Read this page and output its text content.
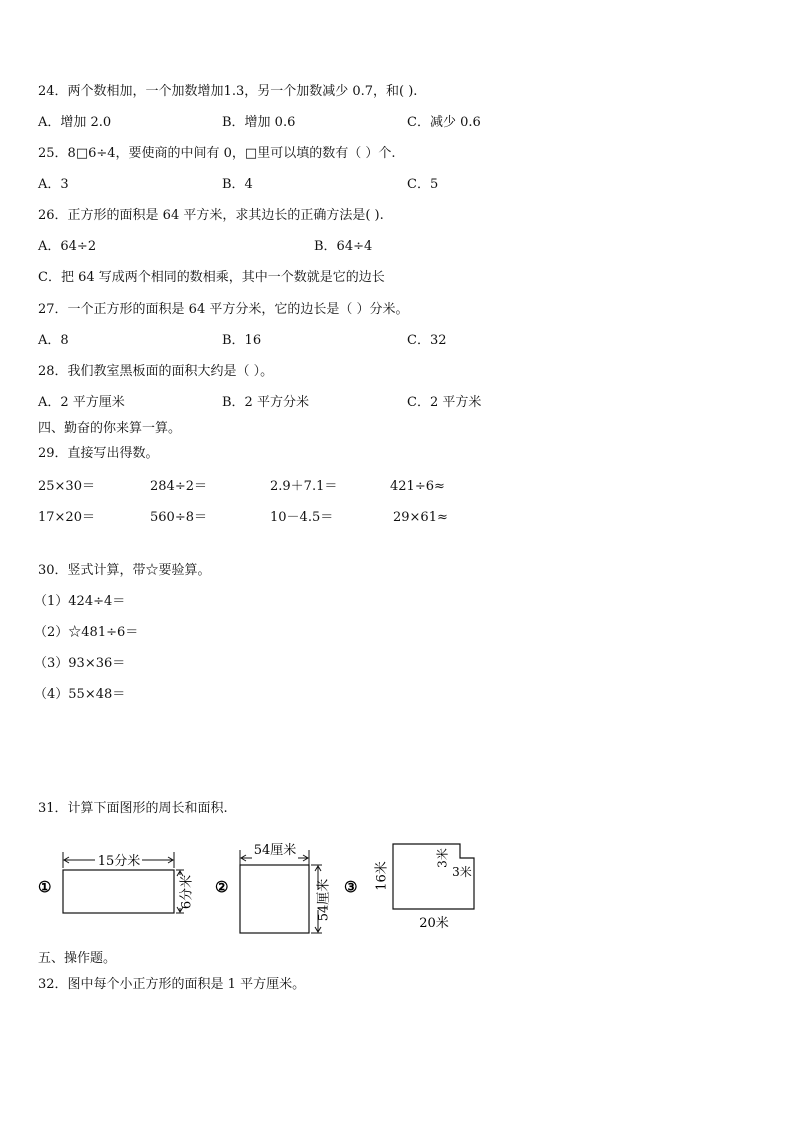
24．两个数相加，一个加数增加1.3，另一个加数减少 0.7，和( ).
A．增加 2.0	B．增加 0.6	C．减少 0.6
25．8□6÷4，要使商的中间有 0，□里可以填的数有（ ）个.
A．3	B．4	C．5
26．正方形的面积是 64 平方米，求其边长的正确方法是( ).
A．64÷2	B．64÷4
C．把 64 写成两个相同的数相乘，其中一个数就是它的边长
27．一个正方形的面积是 64 平方分米，它的边长是（ ）分米。
A．8	B．16	C．32
28．我们教室黑板面的面积大约是（ ）。
A．2 平方厘米	B．2 平方分米	C．2 平方米
四、勤奋的你来算一算。
29．直接写出得数。
25×30＝	284÷2＝	2.9＋7.1＝	421÷6≈
17×20＝	560÷8＝	10－4.5＝	29×61≈
30．竖式计算，带☆要验算。
（1）424÷4＝
（2）☆481÷6＝
（3）93×36＝
（4）55×48＝
31．计算下面图形的周长和面积.
①
15分米
6分米 ②
54厘米
54厘米 ③ 16米
3米
3米
20米
五、操作题。
32．图中每个小正方形的面积是 1 平方厘米。
